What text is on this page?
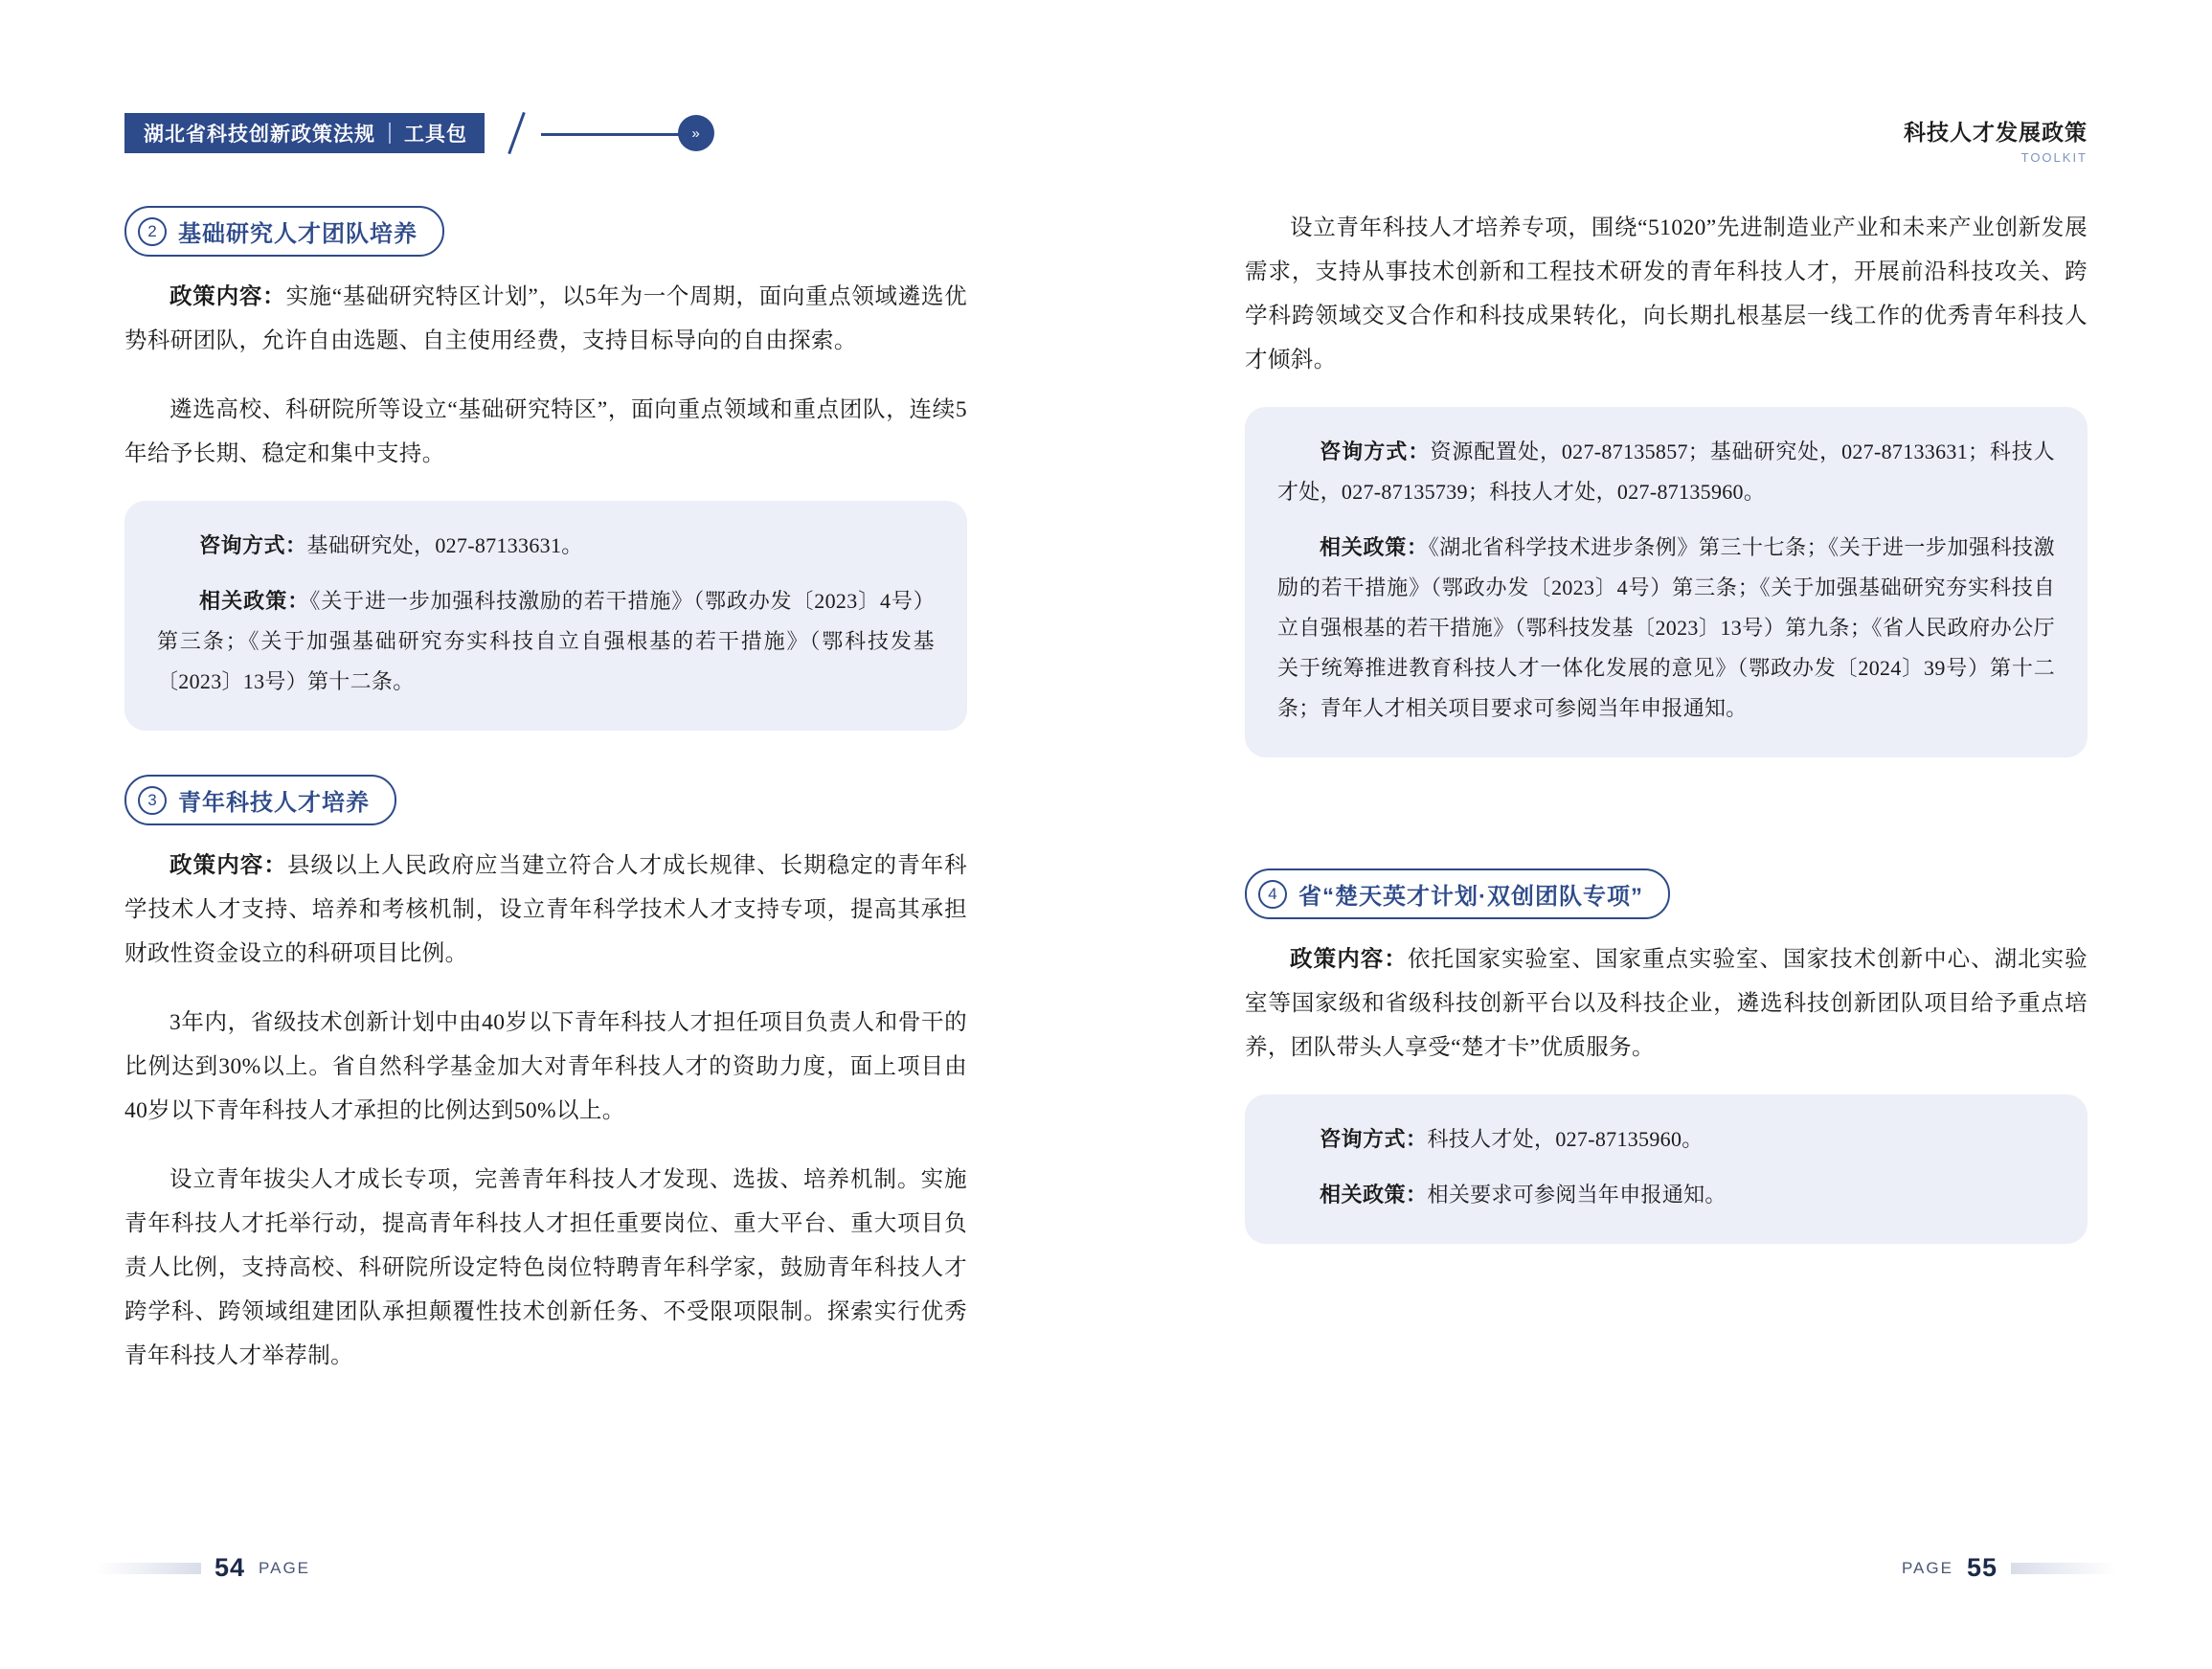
湖北省科技创新政策法规 工具包	»	科技人才发展政策
TOOLKIT
2 基础研究人才团队培养

政策内容：实施“基础研究特区计划”，以5年为一个周期，面向重点领域遴选优势科研团队，允许自由选题、自主使用经费，支持目标导向的自由探索。

遴选高校、科研院所等设立“基础研究特区”，面向重点领域和重点团队，连续5年给予长期、稳定和集中支持。

咨询方式：基础研究处，027-87133631。

相关政策：《关于进一步加强科技激励的若干措施》（鄂政办发〔2023〕4号）第三条；《关于加强基础研究夯实科技自立自强根基的若干措施》（鄂科技发基〔2023〕13号）第十二条。

3 青年科技人才培养

政策内容：县级以上人民政府应当建立符合人才成长规律、长期稳定的青年科学技术人才支持、培养和考核机制，设立青年科学技术人才支持专项，提高其承担财政性资金设立的科研项目比例。

3年内，省级技术创新计划中由40岁以下青年科技人才担任项目负责人和骨干的比例达到30%以上。省自然科学基金加大对青年科技人才的资助力度，面上项目由40岁以下青年科技人才承担的比例达到50%以上。

设立青年拔尖人才成长专项，完善青年科技人才发现、选拔、培养机制。实施青年科技人才托举行动，提高青年科技人才担任重要岗位、重大平台、重大项目负责人比例，支持高校、科研院所设定特色岗位特聘青年科学家，鼓励青年科技人才跨学科、跨领域组建团队承担颠覆性技术创新任务、不受限项限制。探索实行优秀青年科技人才举荐制。

设立青年科技人才培养专项，围绕“51020”先进制造业产业和未来产业创新发展需求，支持从事技术创新和工程技术研发的青年科技人才，开展前沿科技攻关、跨学科跨领域交叉合作和科技成果转化，向长期扎根基层一线工作的优秀青年科技人才倾斜。

咨询方式：资源配置处，027-87135857；基础研究处，027-87133631；科技人才处，027-87135739；科技人才处，027-87135960。

相关政策：《湖北省科学技术进步条例》第三十七条；《关于进一步加强科技激励的若干措施》（鄂政办发〔2023〕4号）第三条；《关于加强基础研究夯实科技自立自强根基的若干措施》（鄂科技发基〔2023〕13号）第九条；《省人民政府办公厅关于统筹推进教育科技人才一体化发展的意见》（鄂政办发〔2024〕39号）第十二条；青年人才相关项目要求可参阅当年申报通知。

4 省“楚天英才计划·双创团队专项”

政策内容：依托国家实验室、国家重点实验室、国家技术创新中心、湖北实验室等国家级和省级科技创新平台以及科技企业，遴选科技创新团队项目给予重点培养，团队带头人享受“楚才卡”优质服务。

咨询方式：科技人才处，027-87135960。

相关政策：相关要求可参阅当年申报通知。

54 PAGE	PAGE 55
